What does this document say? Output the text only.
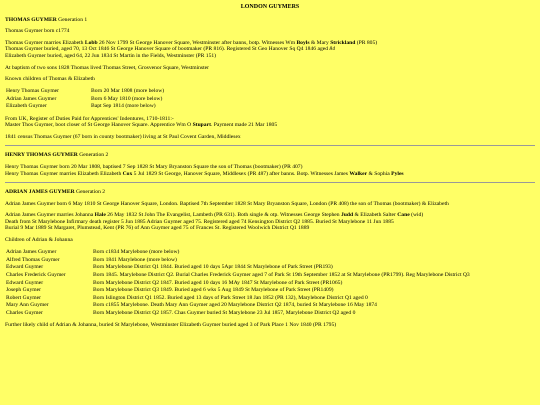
LONDON GUYMERS
THOMAS GUYMER Generation 1

Thomas Guymer born c1774

Thomas Guymer marries Elizabeth Lobb 26 Nov 1799 St George Hanover Square, Westminster after banns, botp. Witnesses Wm Boyls & Mary Strickland (PR 805)
Thomas Guymer buried, aged 70, 13 Oct 1846 St George Hanover Square of bootmaker (PR 816). Registered St Geo Hanover Sq Q4 1846 aged 84
Elizabeth Guymer buried, aged 64, 22 Jun 1834 St Martin in the Fields, Westminster (PR 151)

At baptism of two sons 1828 Thomas lived Thomas Street, Grosvenor Square, Westminster

Known children of Thomas & Elizabeth

Henry Thomas Guymer	Born 20 Mar 1808 (more below)
Adrian James Guymer	Born 6 May 1810 (more below)
Elizabeth Guymer	Bapt Sep 1814 (more below)

From UK, Register of Duties Paid for Apprentices' Indentures, 1710-1811:-
Master Thos Guymer, boot closer of St George Hanover Square. Apprentice Wm O Stupart. Payment made 21 Mar 1805

1841 census Thomas Guymer (67 born in county bootmaker) living at St Paul Covent Garden, Middlesex

HENRY THOMAS GUYMER Generation 2

Henry Thomas Guymer born 20 Mar 1808, baptised 7 Sep 1828 St Mary Bryanston Square the son of Thomas (bootmaker) (PR 407)
Henry Thomas Guymer marries Elizabeth Elizabeth Cox 5 Jul 1829 St George, Hanover Square, Middlesex (PR 487) after banns. Botp. Witnesses James Walker & Sophia Pyles

ADRIAN JAMES GUYMER Generation 2

Adrian James Guymer born 6 May 1810 St George Hanover Square, London. Baptised 7th September 1828 St Mary Bryanston Square, London (PR 408) the son of Thomas (bootmaker) & Elizabeth

Adrian James Guymer marries Johanna Hale 26 May 1832 St John The Evangelist, Lambeth (PR 631). Both single & otp. Witnesses George Stephen Judd & Elizabeth Salter Cane (wid)
Death from St Marylebone Infirmary death register 5 Jun 1885 Adrian Guymer aged 75. Registered aged 74 Kensington District Q2 1885. Buried St Marylebone 11 Jun 1885
Burial 9 Mar 1889 St Margaret, Plumstead, Kent (PR 76) of Ann Guymer aged 75 of Frances St. Registered Woolwich District Q1 1889

Children of Adrian & Johanna

Adrian James Guymer	Born c1834 Marylebone (more below)
Alfred Thomas Guymer	Born 1841 Marylebone (more below)
Edward Guymer	Born Marylebone District Q1 1844. Buried aged 10 days 5Apr 1844 St Marylebone of Park Street (PR193)
Charles Frederick Guymer	Born 1845. Marylebone District Q2. Burial Charles Frederick Guymer aged 7 of Park St 19th September 1852 at St Marylebone (PR1799). Reg Marylebone District Q3
Edward Guymer	Born Marylebone District Q2 1847. Buried aged 10 days 16 MAy 1847 St Marylebone of Park Street (PR1065)
Joseph Guymer	Born Marylebone District Q3 1849. Buried aged 6 wks 5 Aug 1849 St Marylebone of Park Street (PR1409)
Robert Guymer	Born Islington District Q1 1852. Buried aged 13 days of Park Street 18 Jan 1852 (PR 132), Marylebone District Q1 aged 0
Mary Ann Guymer	Born c1855 Marylebone. Death Mary Ann Guymer aged 20 Marylebone District Q2 1874, buried St Marylebone 16 May 1874
Charles Guymer	Born Marylebone District Q2 1857. Chas Guymer buried St Marylebone 23 Jul 1857, Marylebone District Q2 aged 0

Further likely child of Adrian & Johanna, buried St Marylebone, Westminster Elizabeth Guymer buried aged 3 of Park Place 1 Nov 1840 (PR 1795)
